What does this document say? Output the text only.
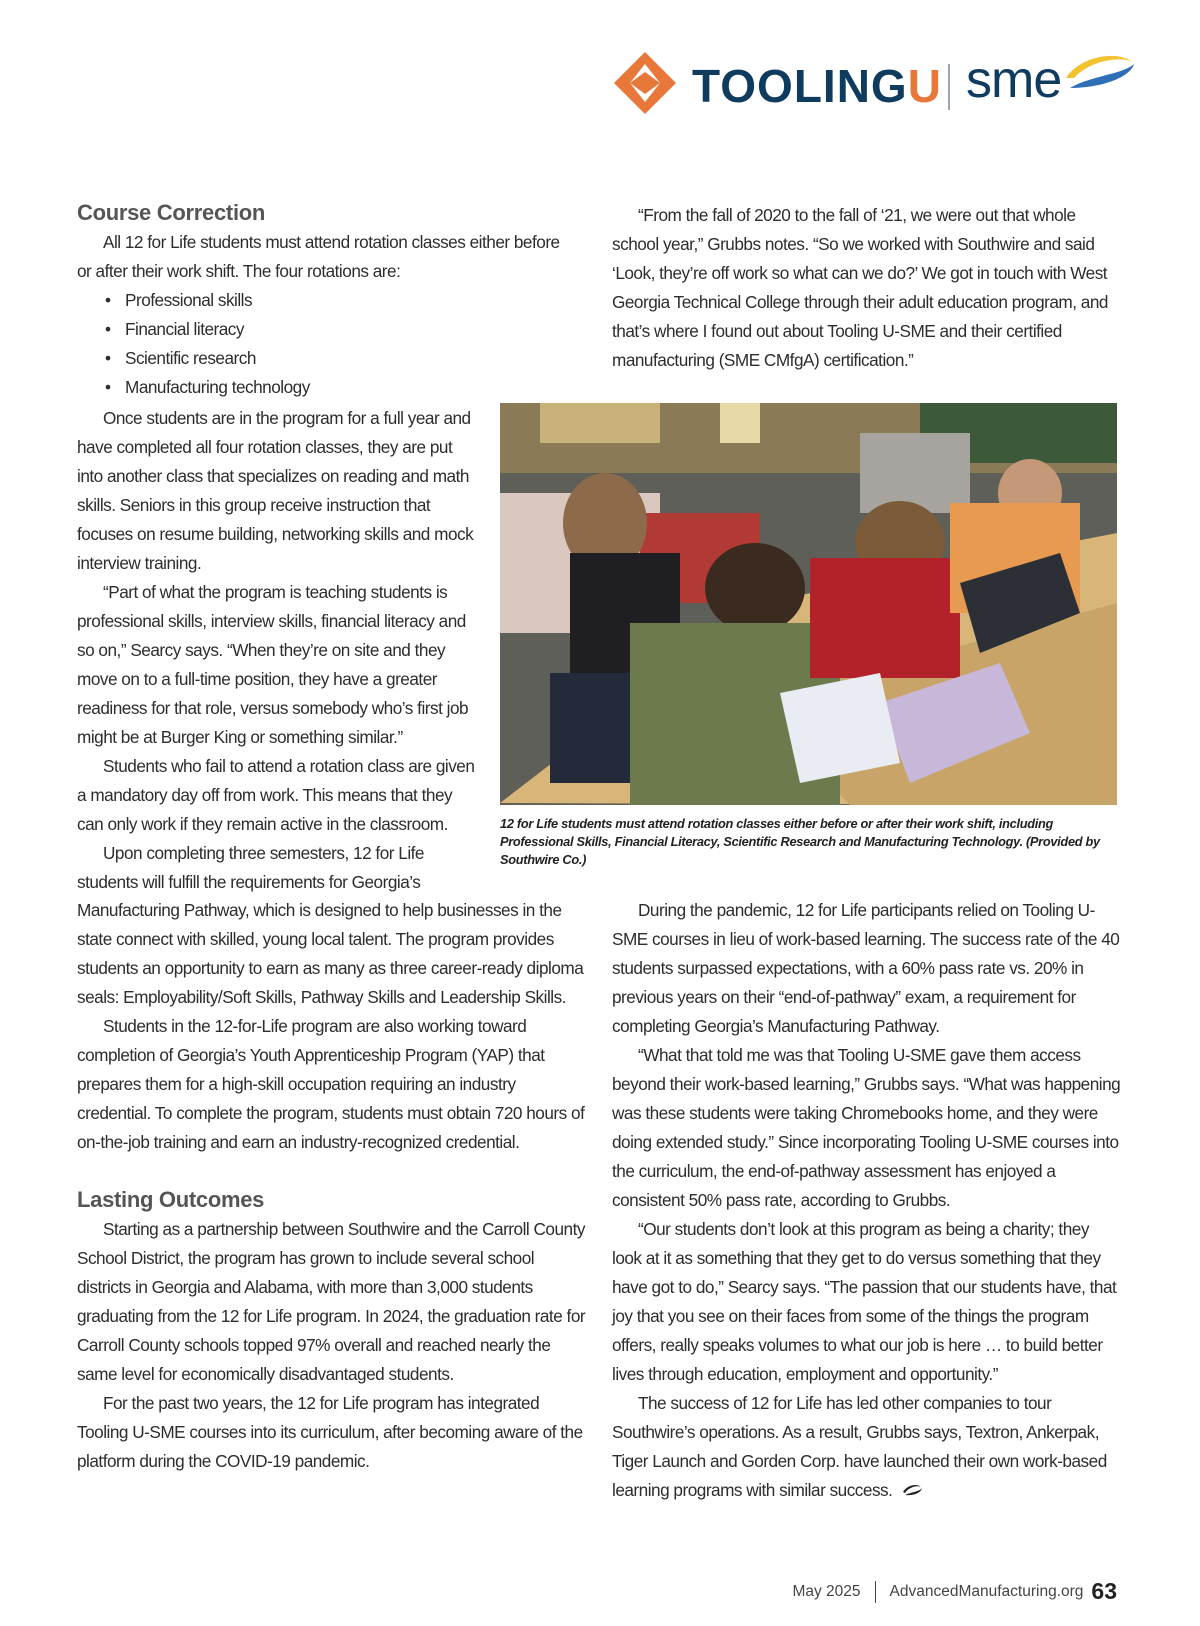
TOOLINGU sme
Course Correction

All 12 for Life students must attend rotation classes either before or after their work shift. The four rotations are:

• Professional skills
• Financial literacy
• Scientific research
• Manufacturing technology

Once students are in the program for a full year and have completed all four rotation classes, they are put into another class that specializes on reading and math skills. Seniors in this group receive instruction that focuses on resume building, networking skills and mock interview training.

“Part of what the program is teaching students is professional skills, interview skills, financial literacy and so on,” Searcy says. “When they’re on site and they move on to a full-time position, they have a greater readiness for that role, versus somebody who’s first job might be at Burger King or something similar.”

Students who fail to attend a rotation class are given a mandatory day off from work. This means that they can only work if they remain active in the classroom.

Upon completing three semesters, 12 for Life students will fulfill the requirements for Georgia’s

Manufacturing Pathway, which is designed to help businesses in the state connect with skilled, young local talent. The program provides students an opportunity to earn as many as three career-ready diploma seals: Employability/Soft Skills, Pathway Skills and Leadership Skills.

Students in the 12-for-Life program are also working toward completion of Georgia’s Youth Apprenticeship Program (YAP) that prepares them for a high-skill occupation requiring an industry credential. To complete the program, students must obtain 720 hours of on-the-job training and earn an industry-recognized credential.

Lasting Outcomes

Starting as a partnership between Southwire and the Carroll County School District, the program has grown to include several school districts in Georgia and Alabama, with more than 3,000 students graduating from the 12 for Life program. In 2024, the graduation rate for Carroll County schools topped 97% overall and reached nearly the same level for economically disadvantaged students.

For the past two years, the 12 for Life program has integrated Tooling U-SME courses into its curriculum, after becoming aware of the platform during the COVID-19 pandemic.

“From the fall of 2020 to the fall of ‘21, we were out that whole school year,” Grubbs notes. “So we worked with Southwire and said ‘Look, they’re off work so what can we do?’ We got in touch with West Georgia Technical College through their adult education program, and that’s where I found out about Tooling U-SME and their certified manufacturing (SME CMfgA) certification.”

12 for Life students must attend rotation classes either before or after their work shift, including Professional Skills, Financial Literacy, Scientific Research and Manufacturing Technology. (Provided by Southwire Co.)

During the pandemic, 12 for Life participants relied on Tooling U-SME courses in lieu of work-based learning. The success rate of the 40 students surpassed expectations, with a 60% pass rate vs. 20% in previous years on their “end-of-pathway” exam, a requirement for completing Georgia’s Manufacturing Pathway.

“What that told me was that Tooling U-SME gave them access beyond their work-based learning,” Grubbs says. “What was happening was these students were taking Chromebooks home, and they were doing extended study.” Since incorporating Tooling U-SME courses into the curriculum, the end-of-pathway assessment has enjoyed a consistent 50% pass rate, according to Grubbs.

“Our students don’t look at this program as being a charity; they look at it as something that they get to do versus something that they have got to do,” Searcy says. “The passion that our students have, that joy that you see on their faces from some of the things the program offers, really speaks volumes to what our job is here … to build better lives through education, employment and opportunity.”

The success of 12 for Life has led other companies to tour Southwire’s operations. As a result, Grubbs says, Textron, Ankerpak, Tiger Launch and Gorden Corp. have launched their own work-based learning programs with similar success.

May 2025 AdvancedManufacturing.org 63
